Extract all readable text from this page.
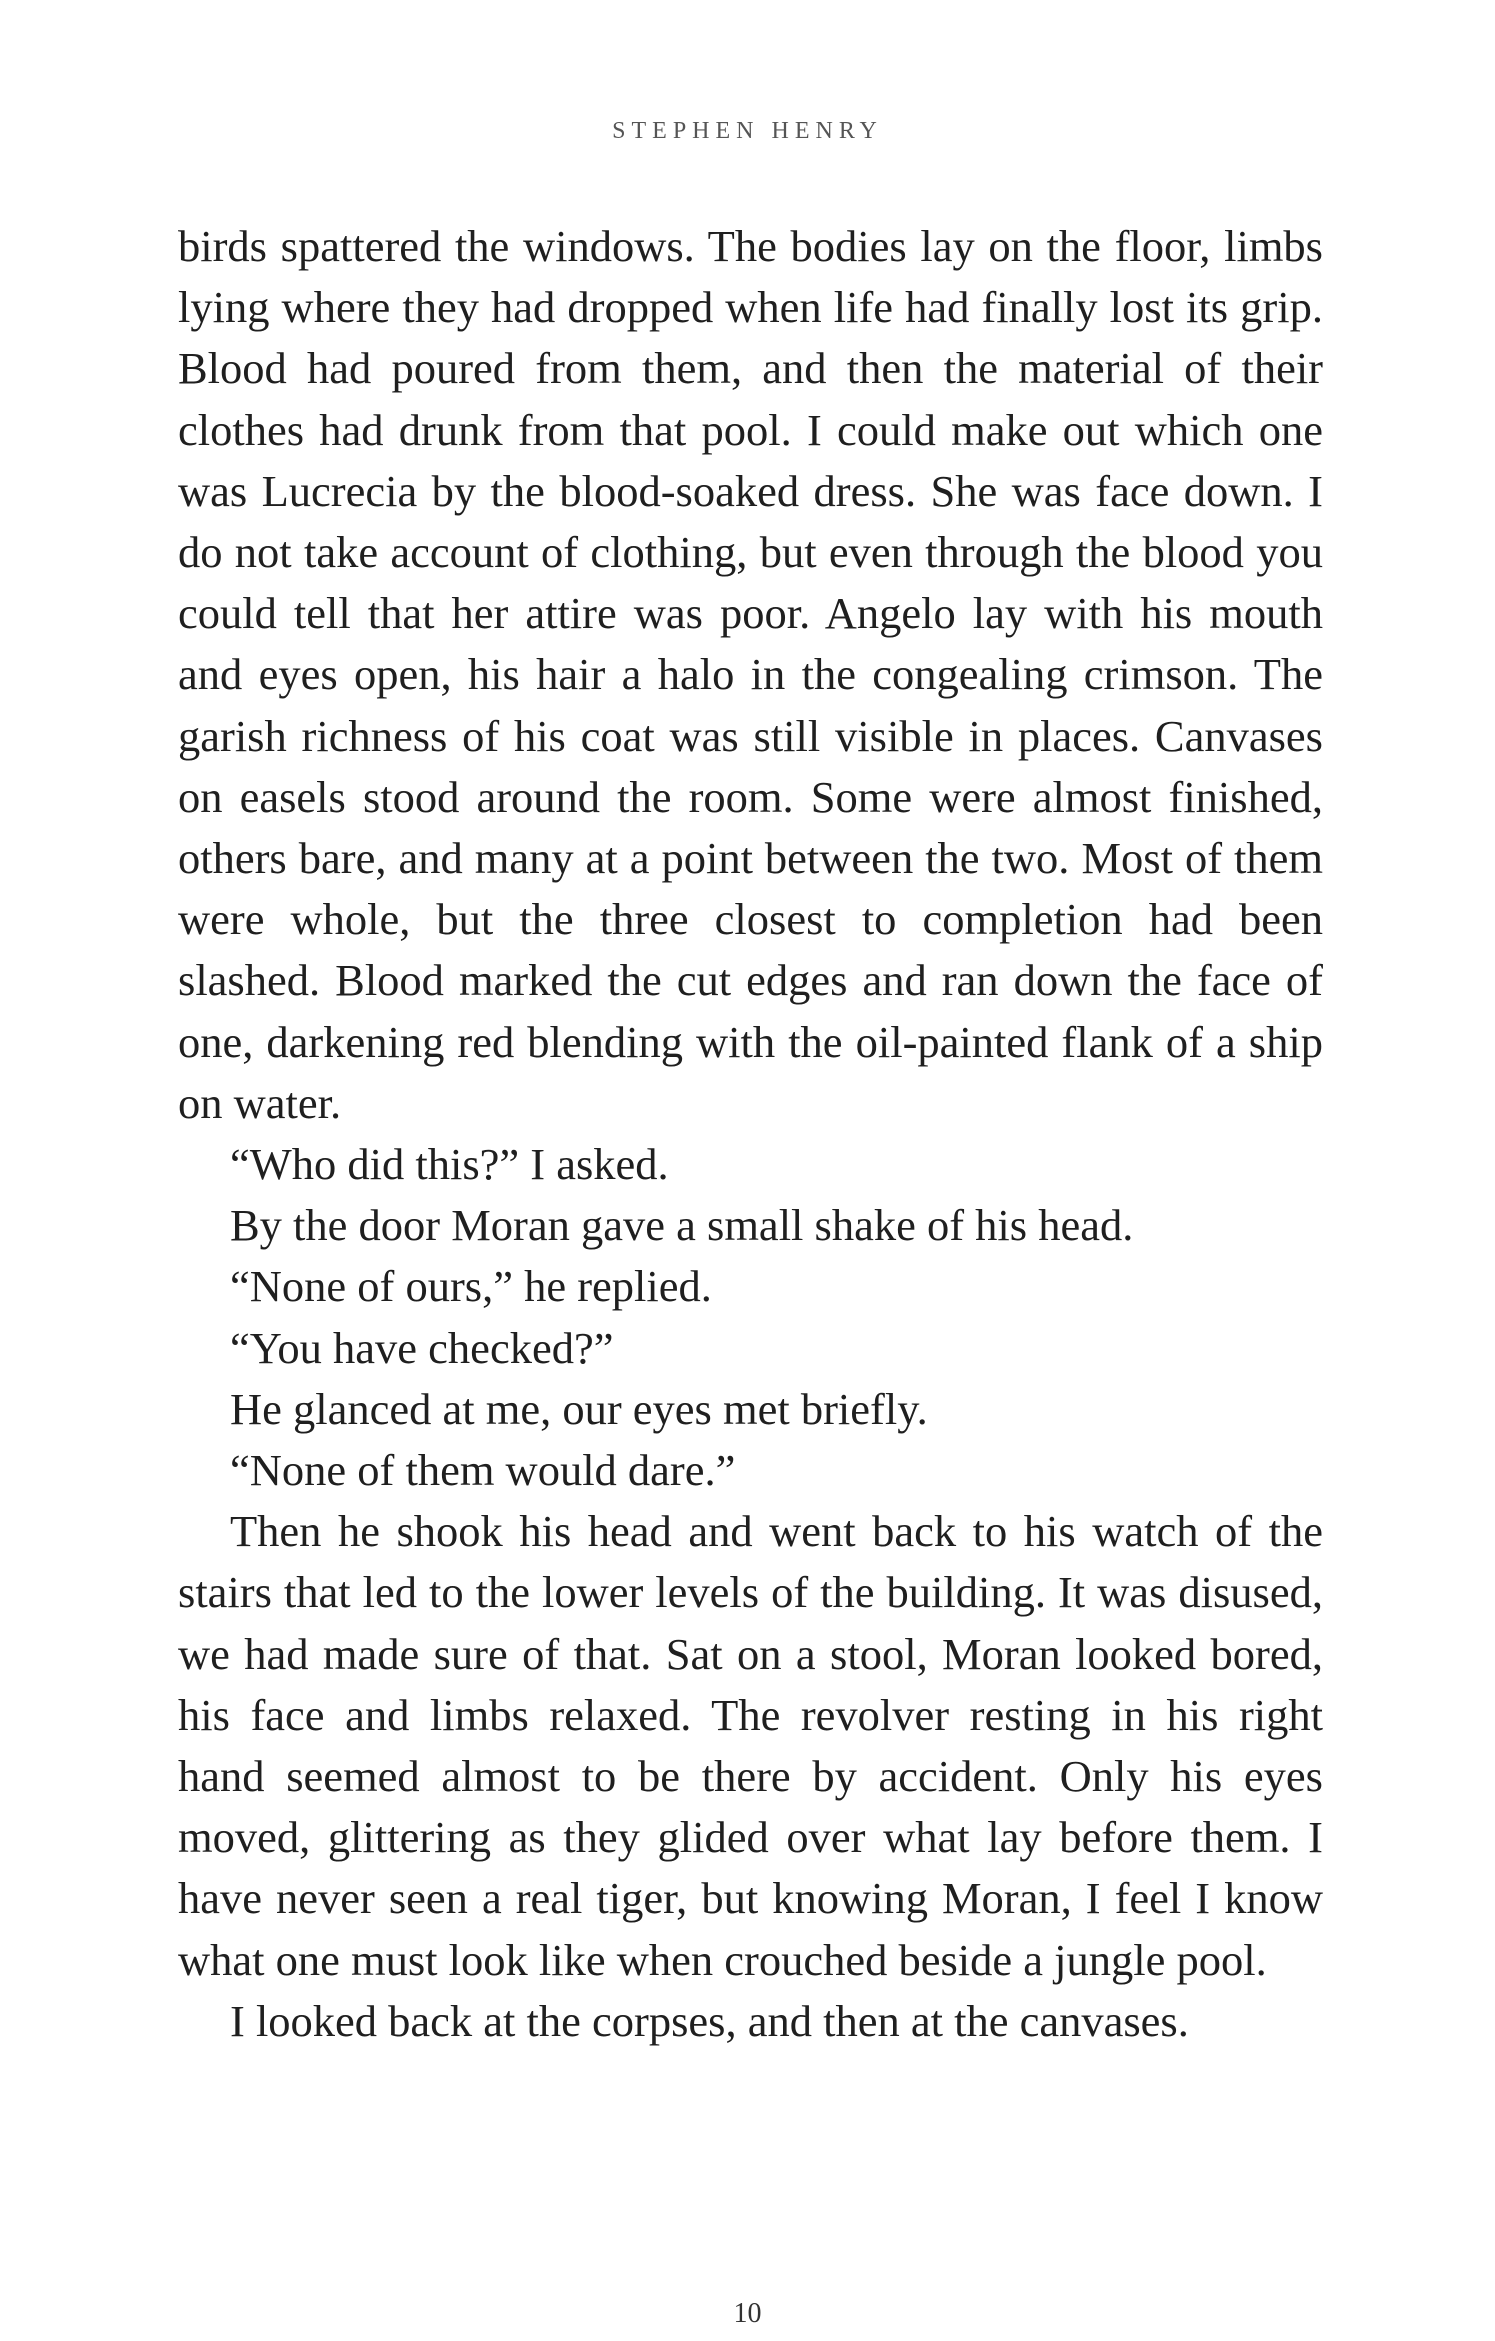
STEPHEN HENRY

birds spattered the windows. The bodies lay on the floor, limbs lying where they had dropped when life had finally lost its grip. Blood had poured from them, and then the material of their clothes had drunk from that pool. I could make out which one was Lucrecia by the blood-soaked dress. She was face down. I do not take account of clothing, but even through the blood you could tell that her attire was poor. Angelo lay with his mouth and eyes open, his hair a halo in the congealing crimson. The garish richness of his coat was still visible in places. Canvases on easels stood around the room. Some were almost finished, others bare, and many at a point between the two. Most of them were whole, but the three closest to completion had been slashed. Blood marked the cut edges and ran down the face of one, darkening red blending with the oil-painted flank of a ship on water.

“Who did this?” I asked.

By the door Moran gave a small shake of his head.

“None of ours,” he replied.

“You have checked?”

He glanced at me, our eyes met briefly.

“None of them would dare.”

Then he shook his head and went back to his watch of the stairs that led to the lower levels of the building. It was disused, we had made sure of that. Sat on a stool, Moran looked bored, his face and limbs relaxed. The revolver resting in his right hand seemed almost to be there by accident. Only his eyes moved, glittering as they glided over what lay before them. I have never seen a real tiger, but knowing Moran, I feel I know what one must look like when crouched beside a jungle pool.

I looked back at the corpses, and then at the canvases.

10
